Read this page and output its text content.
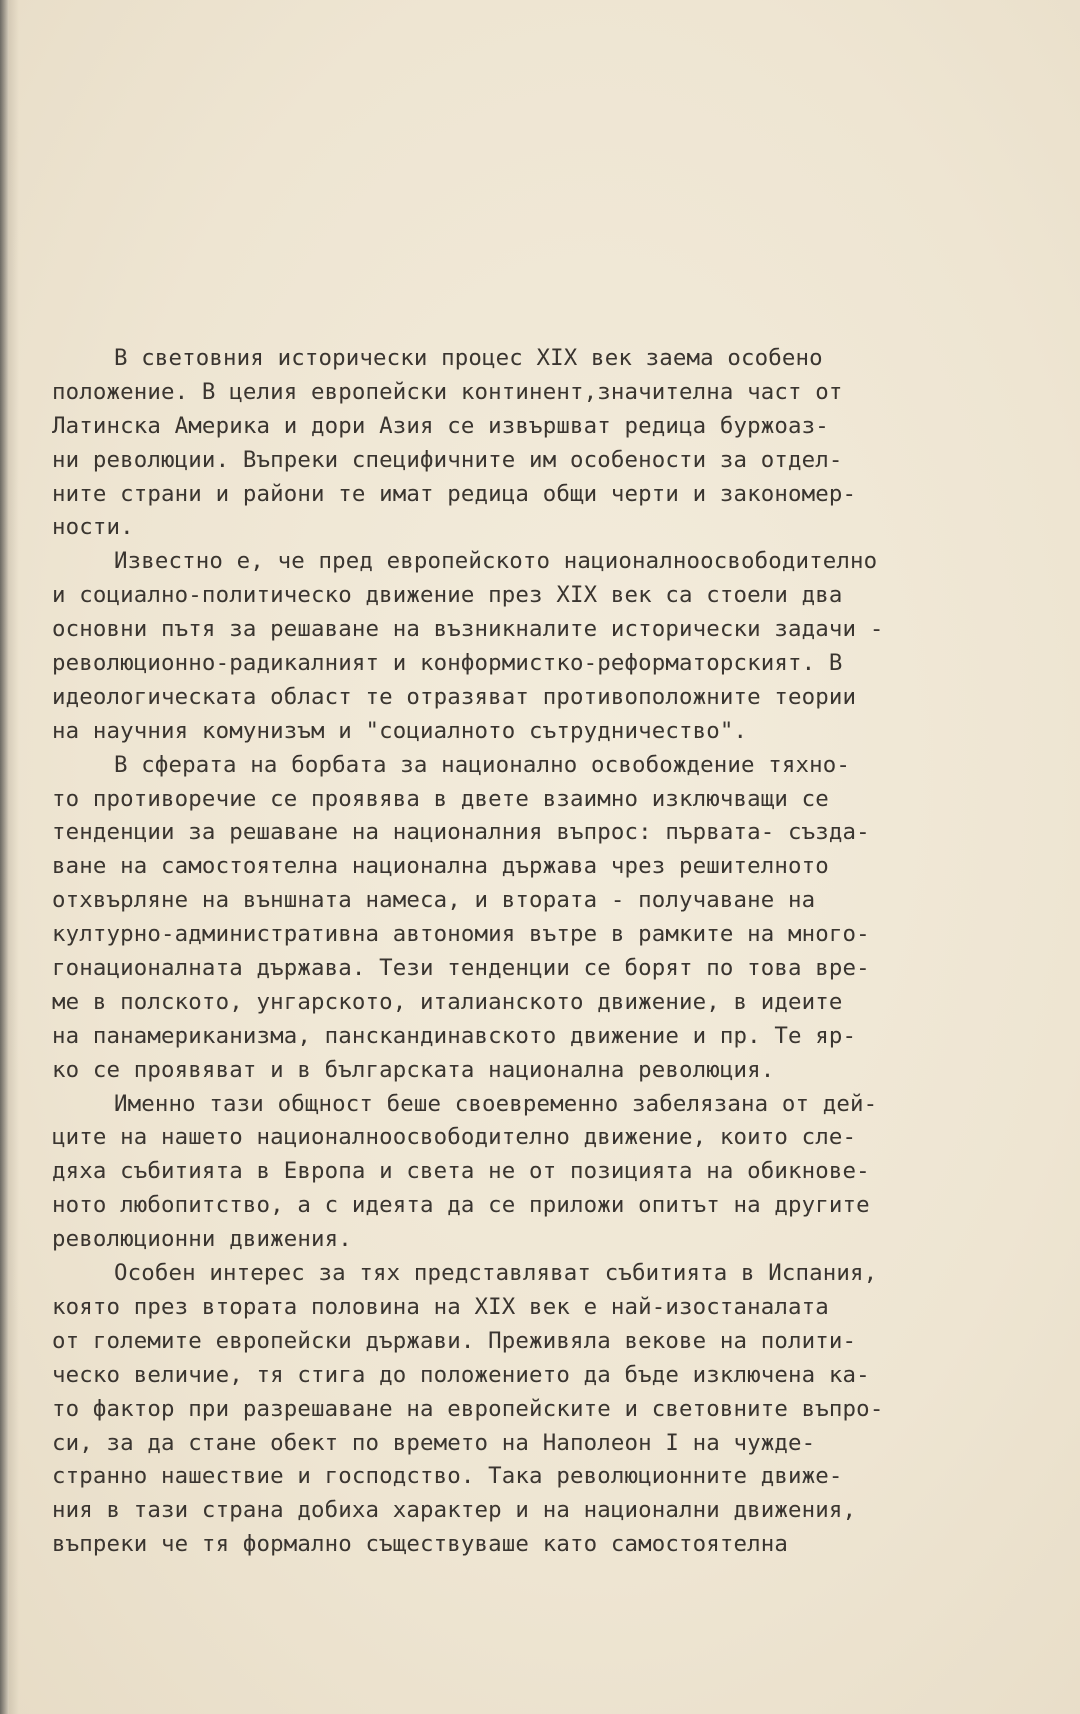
В световния исторически процес XIX век заема особено
положение. В целия европейски континент,значителна част от
Латинска Америка и дори Азия се извършват редица буржоаз-
ни революции. Въпреки специфичните им особености за отдел-
ните страни и райони те имат редица общи черти и закономер-
ности.
Известно е, че пред европейското националноосвободително
и социално-политическо движение през XIX век са стоели два
основни пътя за решаване на възникналите исторически задачи -
революционно-радикалният и конформистко-реформаторският. В
идеологическата област те отразяват противоположните теории
на научния комунизъм и "социалното сътрудничество".
В сферата на борбата за национално освобождение тяхно-
то противоречие се проявява в двете взаимно изключващи се
тенденции за решаване на националния въпрос: първата- създа-
ване на самостоятелна национална държава чрез решителното
отхвърляне на външната намеса, и втората - получаване на
културно-административна автономия вътре в рамките на многo-
гонационалната държава. Тези тенденции се борят по това вре-
ме в полското, унгарското, италианското движение, в идеите
на панамериканизма, панскандинавското движение и пр. Те яр-
ко се проявяват и в българската национална революция.
Именно тази общност беше своевременно забелязана от дей-
ците на нашето националноосвободително движение, които сле-
дяха събитията в Европа и света не от позицията на обикнове-
ното любопитство, а с идеята да се приложи опитът на другите
революционни движения.
Особен интерес за тях представляват събитията в Испания,
която през втората половина на XIX век е най-изостаналата
от големите европейски държави. Преживяла векове на полити-
ческо величие, тя стига до положението да бъде изключена ка-
то фактор при разрешаване на европейските и световните въпро-
си, за да стане обект по времето на Наполеон I на чужде-
странно нашествие и господство. Така революционните движе-
ния в тази страна добиха характер и на национални движения,
въпреки че тя формално съществуваше като самостоятелна
